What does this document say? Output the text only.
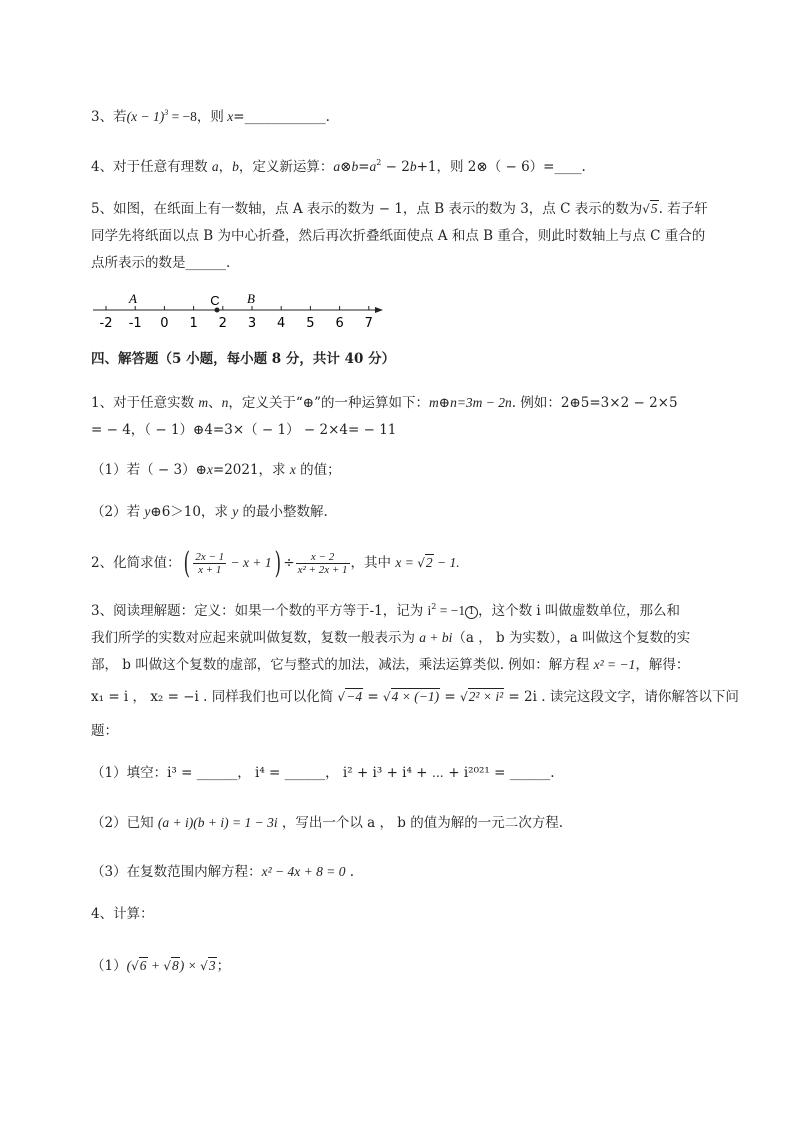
3、若$(x - 1)^3 = -8$，则 x=____________.
4、对于任意有理数 a，b，定义新运算：$a\otimes b=a^2 - 2b+1$，则 2⊗（ − 6）=____.
5、如图，在纸面上有一数轴，点 A 表示的数为 − 1，点 B 表示的数为 3，点 C 表示的数为√5. 若子轩
同学先将纸面以点 B 为中心折叠，然后再次折叠纸面使点 A 和点 B 重合，则此时数轴上与点 C 重合的
点所表示的数是______.
-2 -1 0 1 2 3 4 5 6 7
A	C B
四、解答题（5 小题，每小题 8 分，共计 40 分）
1、对于任意实数 m、n，定义关于“⊕”的一种运算如下：m⊕n=3m − 2n. 例如：2⊕5=3×2 − 2×5
= − 4，（ − 1）⊕4=3×（ − 1） − 2×4= − 11
（1）若（ − 3）⊕x=2021，求 x 的值；
（2）若 y⊕6＞10，求 y 的最小整数解.
2、化简求值：( $\frac{2x - 1}{x + 1} - x + 1) \div \frac{x - 2}{\text{x² + 2x + 1}}$ ，其中 x = √2 − 1.
3、阅读理解题：定义：如果一个数的平方等于-1，记为 $i^2 = -1$ 1 ，这个数 i 叫做虚数单位，那么和
我们所学的实数对应起来就叫做复数，复数一般表示为 a + bi（a ， b 为实数），a 叫做这个复数的实
部， b 叫做这个复数的虚部，它与整式的加法，减法，乘法运算类似. 例如：解方程 x² = −1，解得：
x₁ = i ， x₂ = −i . 同样我们也可以化简 √−4 = √4 × (−1) = √2² × i² = 2i . 读完这段文字，请你解答以下问
题：
（1）填空：i³ = ______， i⁴ = ______， i² + i³ + i⁴ + ⋯ + i²⁰²¹ = ______.
（2）已知 (a + i)(b + i) = 1 − 3i ，写出一个以 a ， b 的值为解的一元二次方程.
（3）在复数范围内解方程：x² − 4x + 8 = 0 .
4、计算：
（1）(√6 + √8) × √3；
